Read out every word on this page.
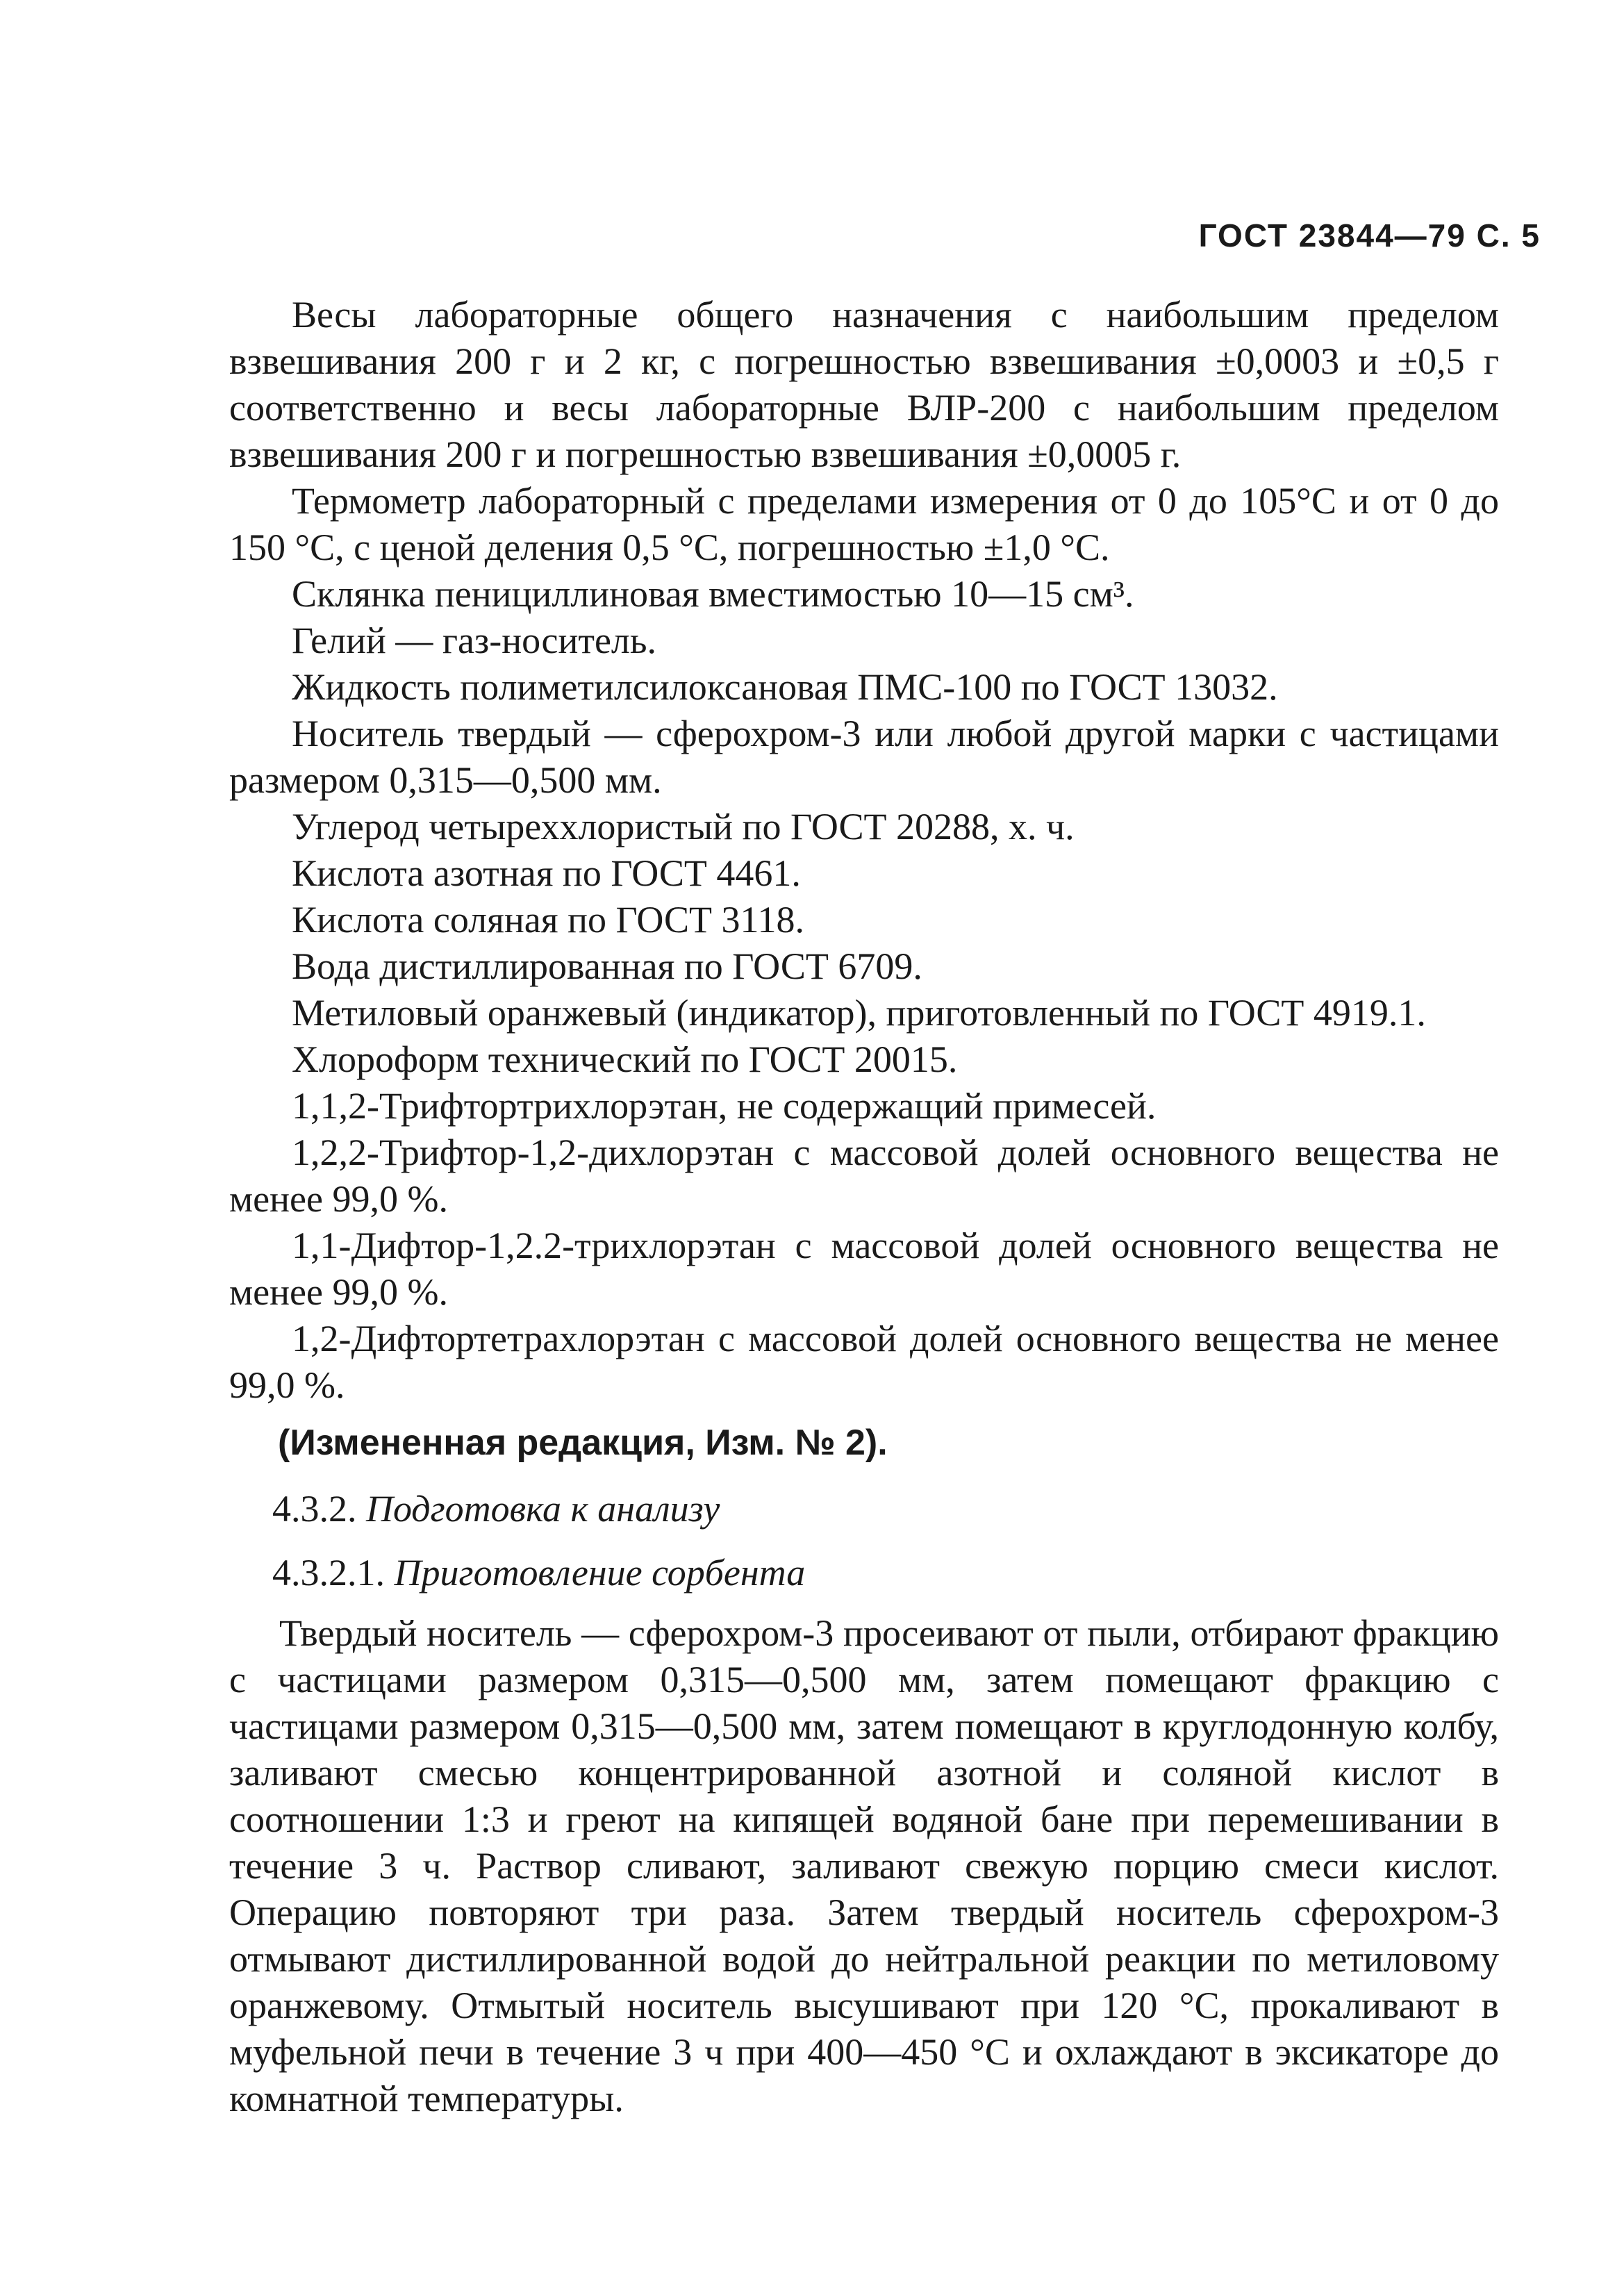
ГОСТ 23844—79 С. 5

Весы лабораторные общего назначения с наибольшим пределом взвешивания 200 г и 2 кг, с погрешностью взвешивания ±0,0003 и ±0,5 г соответственно и весы лабораторные ВЛР-200 с наибольшим пределом взвешивания 200 г и погрешностью взвешивания ±0,0005 г.

Термометр лабораторный с пределами измерения от 0 до 105°С и от 0 до 150 °С, с ценой деления 0,5 °С, погрешностью ±1,0 °С.

Склянка пенициллиновая вместимостью 10—15 см³.

Гелий — газ-носитель.

Жидкость полиметилсилоксановая ПМС-100 по ГОСТ 13032.

Носитель твердый — сферохром-3 или любой другой марки с частицами размером 0,315—0,500 мм.

Углерод четыреххлористый по ГОСТ 20288, х. ч.

Кислота азотная по ГОСТ 4461.

Кислота соляная по ГОСТ 3118.

Вода дистиллированная по ГОСТ 6709.

Метиловый оранжевый (индикатор), приготовленный по ГОСТ 4919.1.

Хлороформ технический по ГОСТ 20015.

1,1,2-Трифтортрихлорэтан, не содержащий примесей.

1,2,2-Трифтор-1,2-дихлорэтан с массовой долей основного вещества не менее 99,0 %.

1,1-Дифтор-1,2.2-трихлорэтан с массовой долей основного вещества не менее 99,0 %.

1,2-Дифтортетрахлорэтан с массовой долей основного вещества не менее 99,0 %.

(Измененная редакция, Изм. № 2).
4.3.2. Подготовка к анализу
4.3.2.1. Приготовление сорбента

Твердый носитель — сферохром-3 просеивают от пыли, отбирают фракцию с частицами размером 0,315—0,500 мм, затем помещают фракцию с частицами размером 0,315—0,500 мм, затем помещают в круглодонную колбу, заливают смесью концентрированной азотной и соляной кислот в соотношении 1:3 и греют на кипящей водяной бане при перемешивании в течение 3 ч. Раствор сливают, заливают свежую порцию смеси кислот. Операцию повторяют три раза. Затем твердый носитель сферохром-3 отмывают дистиллированной водой до нейтральной реакции по метиловому оранжевому. Отмытый носитель высушивают при 120 °С, прокаливают в муфельной печи в течение 3 ч при 400—450 °С и охлаждают в эксикаторе до комнатной температуры.
